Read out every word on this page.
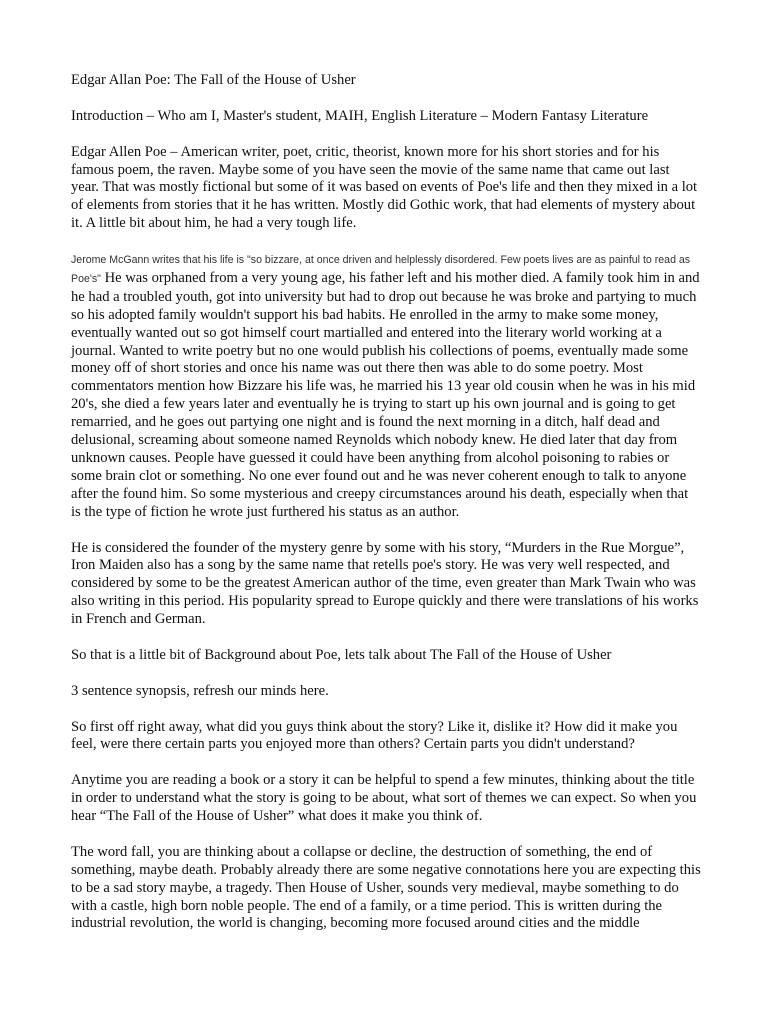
Edgar Allan Poe: The Fall of the House of Usher

Introduction – Who am I, Master's student, MAIH, English Literature – Modern Fantasy Literature

Edgar Allen Poe – American writer, poet, critic, theorist, known more for his short stories and for his famous poem, the raven. Maybe some of you have seen the movie of the same name that came out last year. That was mostly fictional but some of it was based on events of Poe's life and then they mixed in a lot of elements from stories that it he has written. Mostly did Gothic work, that had elements of mystery about it. A little bit about him, he had a very tough life.

Jerome McGann writes that his life is "so bizzare, at once driven and helplessly disordered. Few poets lives are as painful to read as Poe's" He was orphaned from a very young age, his father left and his mother died. A family took him in and he had a troubled youth, got into university but had to drop out because he was broke and partying to much so his adopted family wouldn't support his bad habits. He enrolled in the army to make some money, eventually wanted out so got himself court martialled and entered into the literary world working at a journal. Wanted to write poetry but no one would publish his collections of poems, eventually made some money off of short stories and once his name was out there then was able to do some poetry. Most commentators mention how Bizzare his life was, he married his 13 year old cousin when he was in his mid 20's, she died a few years later and eventually he is trying to start up his own journal and is going to get remarried, and he goes out partying one night and is found the next morning in a ditch, half dead and delusional, screaming about someone named Reynolds which nobody knew. He died later that day from unknown causes. People have guessed it could have been anything from alcohol poisoning to rabies or some brain clot or something. No one ever found out and he was never coherent enough to talk to anyone after the found him. So some mysterious and creepy circumstances around his death, especially when that is the type of fiction he wrote just furthered his status as an author.

He is considered the founder of the mystery genre by some with his story, “Murders in the Rue Morgue”, Iron Maiden also has a song by the same name that retells poe's story. He was very well respected, and considered by some to be the greatest American author of the time, even greater than Mark Twain who was also writing in this period. His popularity spread to Europe quickly and there were translations of his works in French and German.

So that is a little bit of Background about Poe, lets talk about The Fall of the House of Usher

3 sentence synopsis, refresh our minds here.

So first off right away, what did you guys think about the story? Like it, dislike it? How did it make you feel, were there certain parts you enjoyed more than others? Certain parts you didn't understand?

Anytime you are reading a book or a story it can be helpful to spend a few minutes, thinking about the title in order to understand what the story is going to be about, what sort of themes we can expect. So when you hear “The Fall of the House of Usher” what does it make you think of.

The word fall, you are thinking about a collapse or decline, the destruction of something, the end of something, maybe death. Probably already there are some negative connotations here you are expecting this to be a sad story maybe, a tragedy. Then House of Usher, sounds very medieval, maybe something to do with a castle, high born noble people. The end of a family, or a time period. This is written during the industrial revolution, the world is changing, becoming more focused around cities and the middle
